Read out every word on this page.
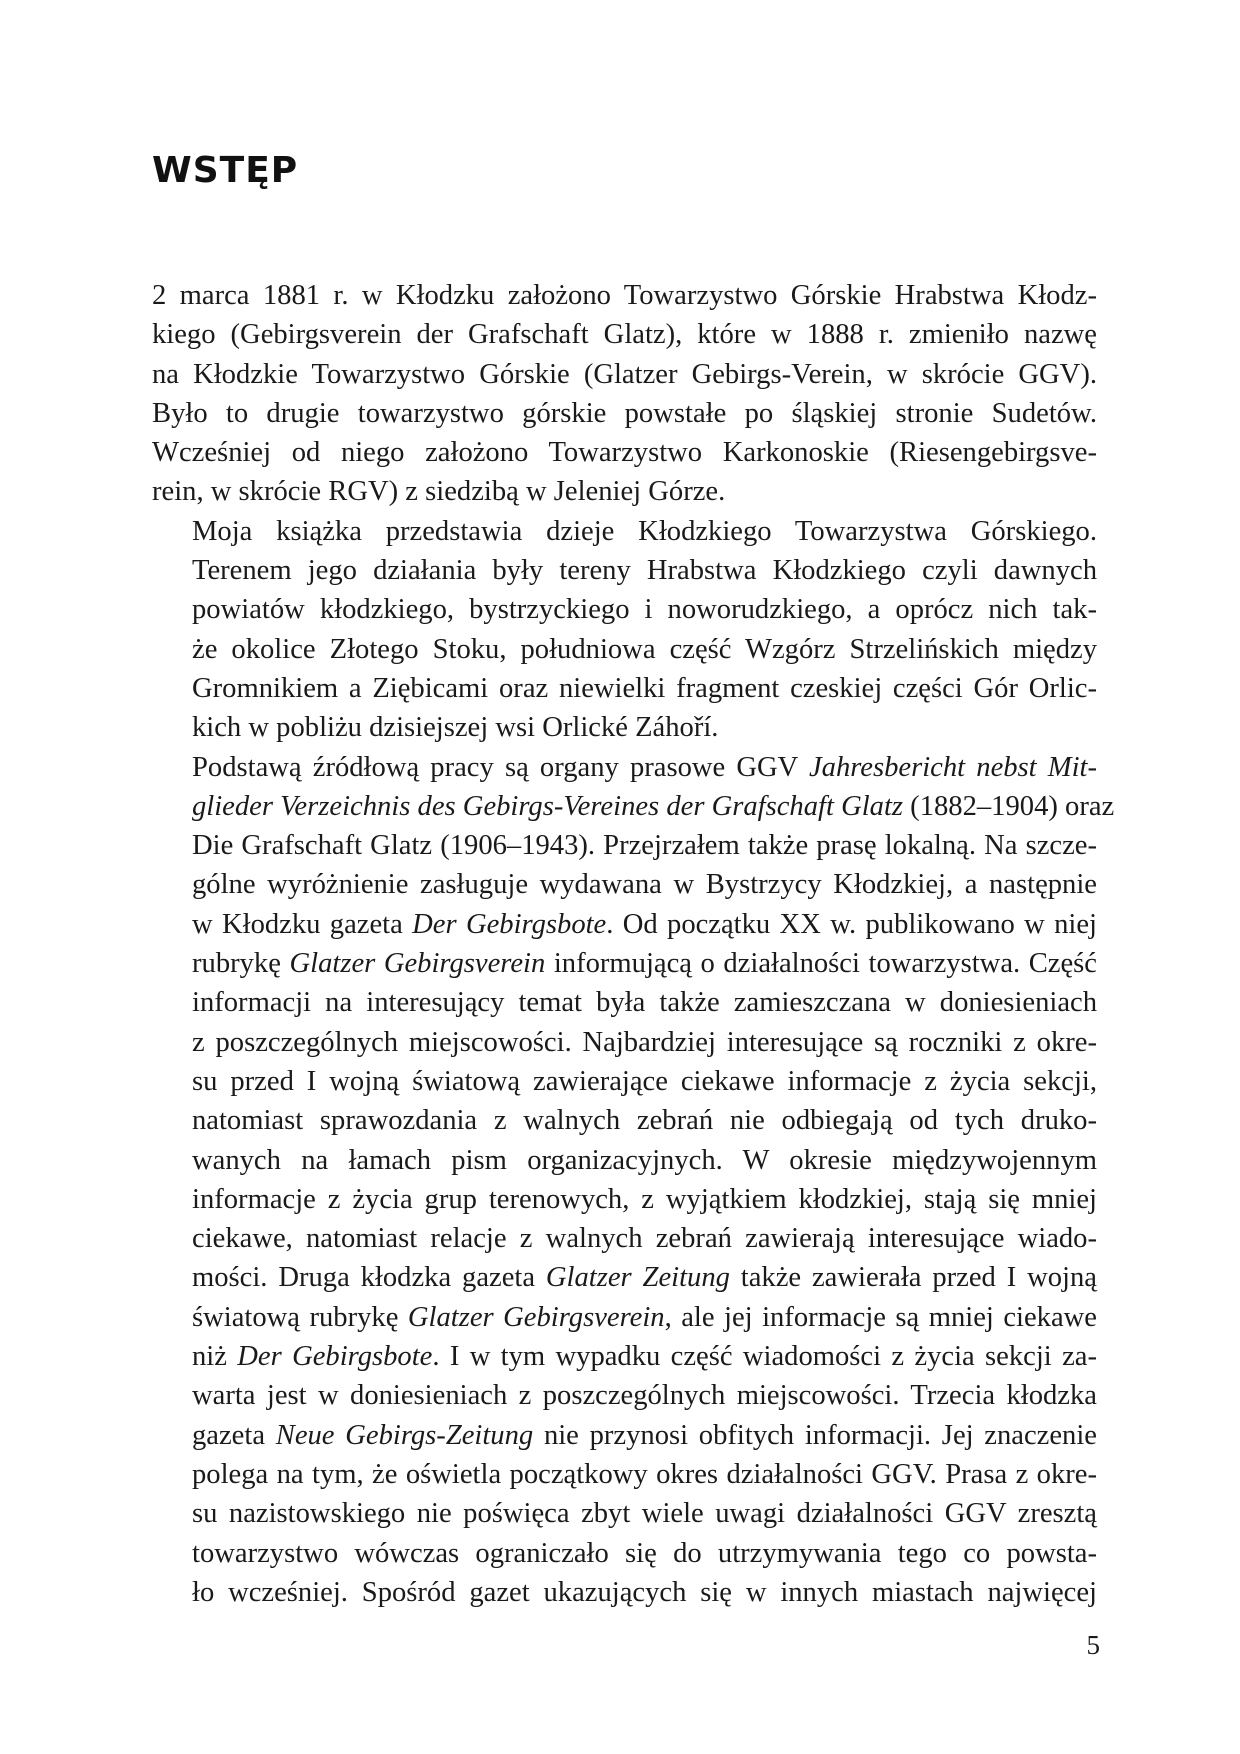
WSTĘP

2 marca 1881 r. w Kłodzku założono Towarzystwo Górskie Hrabstwa Kłodz-
kiego (Gebirgsverein der Grafschaft Glatz), które w 1888 r. zmieniło nazwę
na Kłodzkie Towarzystwo Górskie (Glatzer Gebirgs-Verein, w skrócie GGV).
Było to drugie towarzystwo górskie powstałe po śląskiej stronie Sudetów.
Wcześniej od niego założono Towarzystwo Karkonoskie (Riesengebirgsve-
rein, w skrócie RGV) z siedzibą w Jeleniej Górze.

Moja książka przedstawia dzieje Kłodzkiego Towarzystwa Górskiego.
Terenem jego działania były tereny Hrabstwa Kłodzkiego czyli dawnych
powiatów kłodzkiego, bystrzyckiego i noworudzkiego, a oprócz nich tak-
że okolice Złotego Stoku, południowa część Wzgórz Strzelińskich między
Gromnikiem a Ziębicami oraz niewielki fragment czeskiej części Gór Orlic-
kich w pobliżu dzisiejszej wsi Orlické Záhoří.

Podstawą źródłową pracy są organy prasowe GGV Jahresbericht nebst Mit-
glieder Verzeichnis des Gebirgs-Vereines der Grafschaft Glatz (1882–1904) oraz
Die Grafschaft Glatz (1906–1943). Przejrzałem także prasę lokalną. Na szcze-
gólne wyróżnienie zasługuje wydawana w Bystrzycy Kłodzkiej, a następnie
w Kłodzku gazeta Der Gebirgsbote. Od początku XX w. publikowano w niej
rubrykę Glatzer Gebirgsverein informującą o działalności towarzystwa. Część
informacji na interesujący temat była także zamieszczana w doniesieniach
z poszczególnych miejscowości. Najbardziej interesujące są roczniki z okre-
su przed I wojną światową zawierające ciekawe informacje z życia sekcji,
natomiast sprawozdania z walnych zebrań nie odbiegają od tych druko-
wanych na łamach pism organizacyjnych. W okresie międzywojennym
informacje z życia grup terenowych, z wyjątkiem kłodzkiej, stają się mniej
ciekawe, natomiast relacje z walnych zebrań zawierają interesujące wiado-
mości. Druga kłodzka gazeta Glatzer Zeitung także zawierała przed I wojną
światową rubrykę Glatzer Gebirgsverein, ale jej informacje są mniej ciekawe
niż Der Gebirgsbote. I w tym wypadku część wiadomości z życia sekcji za-
warta jest w doniesieniach z poszczególnych miejscowości. Trzecia kłodzka
gazeta Neue Gebirgs-Zeitung nie przynosi obfitych informacji. Jej znaczenie
polega na tym, że oświetla początkowy okres działalności GGV. Prasa z okre-
su nazistowskiego nie poświęca zbyt wiele uwagi działalności GGV zresztą
towarzystwo wówczas ograniczało się do utrzymywania tego co powsta-
ło wcześniej. Spośród gazet ukazujących się w innych miastach najwięcej

5
